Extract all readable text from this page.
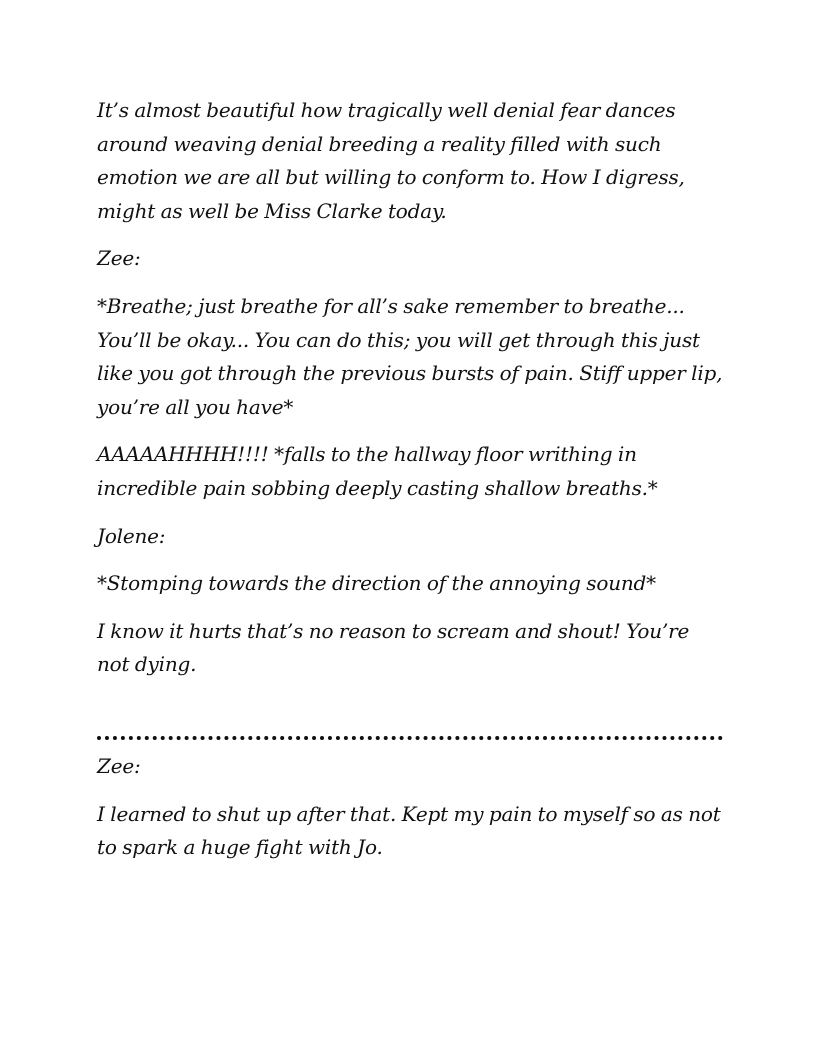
It’s almost beautiful how tragically well denial fear dances around weaving denial breeding a reality filled with such emotion we are all but willing to conform to. How I digress, might as well be Miss Clarke today.

Zee:

*Breathe; just breathe for all’s sake remember to breathe... You’ll be okay... You can do this; you will get through this just like you got through the previous bursts of pain. Stiff upper lip, you’re all you have*

AAAAAHHHH!!!! *falls to the hallway floor writhing in incredible pain sobbing deeply casting shallow breaths.*

Jolene:

*Stomping towards the direction of the annoying sound*

I know it hurts that’s no reason to scream and shout! You’re not dying.

Zee:

I learned to shut up after that. Kept my pain to myself so as not to spark a huge fight with Jo.
